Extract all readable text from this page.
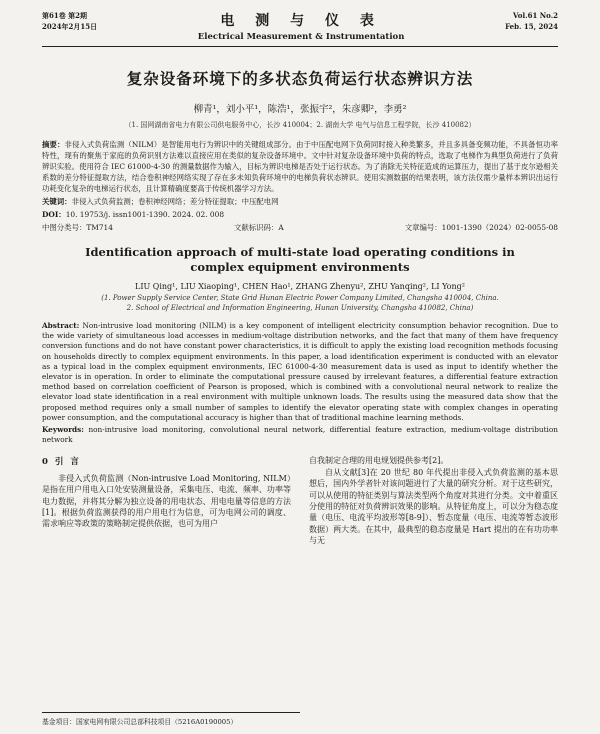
第61卷 第2期
2024年2月15日	电 测 与 仪 表
Electrical Measurement & Instrumentation
Vol.61 No.2
Feb. 15, 2024
复杂设备环境下的多状态负荷运行状态辨识方法
柳青¹，刘小平¹，陈浩¹，张振宇²，朱彦卿²，李勇²
（1. 国网湖南省电力有限公司供电服务中心，长沙 410004；2. 湖南大学 电气与信息工程学院，长沙 410082）
摘要：非侵入式负荷监测（NILM）是智能用电行为辨识中的关键组成部分。由于中压配电网下负荷同时接入种类繁多，并且多具备变频功能，不具备恒功率特性，现有的聚焦于家庭的负荷识别方法难以直接应用在类似的复杂设备环境中。文中针对复杂设备环境中负荷的特点，选取了电梯作为典型负荷进行了负荷辨识实验。使用符合 IEC 61000-4-30 的测量数据作为输入，目标为辨识电梯是否处于运行状态。为了消除无关特征造成的运算压力，提出了基于皮尔逊相关系数的差分特征提取方法，结合卷积神经网络实现了存在多未知负荷环境中的电梯负荷状态辨识。使用实测数据的结果表明，该方法仅需少量样本辨识出运行功耗变化复杂的电梯运行状态，且计算精确度要高于传统机器学习方法。
关键词：非侵入式负荷监测；卷积神经网络；差分特征提取；中压配电网
DOI：10. 19753/j. issn1001-1390. 2024. 02. 008
中图分类号：TM714	文献标识码：A	文章编号：1001-1390（2024）02-0055-08
Identification approach of multi-state load operating conditions in complex equipment environments
LIU Qing¹, LIU Xiaoping¹, CHEN Hao¹, ZHANG Zhenyu², ZHU Yanqing², LI Yong²
(1. Power Supply Service Center, State Grid Hunan Electric Power Company Limited, Changsha 410004, China.
2. School of Electrical and Information Engineering, Hunan University, Changsha 410082, China)
Abstract: Non-intrusive load monitoring (NILM) is a key component of intelligent electricity consumption behavior recognition. Due to the wide variety of simultaneous load accesses in medium-voltage distribution networks, and the fact that many of them have frequency conversion functions and do not have constant power characteristics, it is difficult to apply the existing load recognition methods focusing on households directly to complex equipment environments. In this paper, a load identification experiment is conducted with an elevator as a typical load in the complex equipment environments, IEC 61000-4-30 measurement data is used as input to identify whether the elevator is in operation. In order to eliminate the computational pressure caused by irrelevant features, a differential feature extraction method based on correlation coefficient of Pearson is proposed, which is combined with a convolutional neural network to realize the elevator load state identification in a real environment with multiple unknown loads. The results using the measured data show that the proposed method requires only a small number of samples to identify the elevator operating state with complex changes in operating power consumption, and the computational accuracy is higher than that of traditional machine learning methods.
Keywords: non-intrusive load monitoring, convolutional neural network, differential feature extraction, medium-voltage distribution network
0 引 言
非侵入式负荷监测（Non-intrusive Load Monitoring, NILM）是指在用户用电入口处安装测量设备，采集电压、电流、频率、功率等电力数据，并将其分解为独立设备的用电状态、用电电量等信息的方法[1]。根据负荷监测获得的用户用电行为信息，可为电网公司的调度、需求响应等政策的策略制定提供依据，也可为用户
自我制定合理的用电规划提供参考[2]。
自从文献[3]在 20 世纪 80 年代提出非侵入式负荷监测的基本思想后，国内外学者针对该问题进行了大量的研究分析。对于这些研究，可以从使用的特征类别与算法类型两个角度对其进行分类。文中着重区分使用的特征对负荷辨识效果的影响。从特征角度上，可以分为稳态度量（电压、电流平均波形等[8-9]）、暂态度量（电压、电流等暂态波形数据）两大类。在其中，最典型的稳态度量是 Hart 提出的在有功功率与无
基金项目：国家电网有限公司总部科技项目（5216A0190005）
